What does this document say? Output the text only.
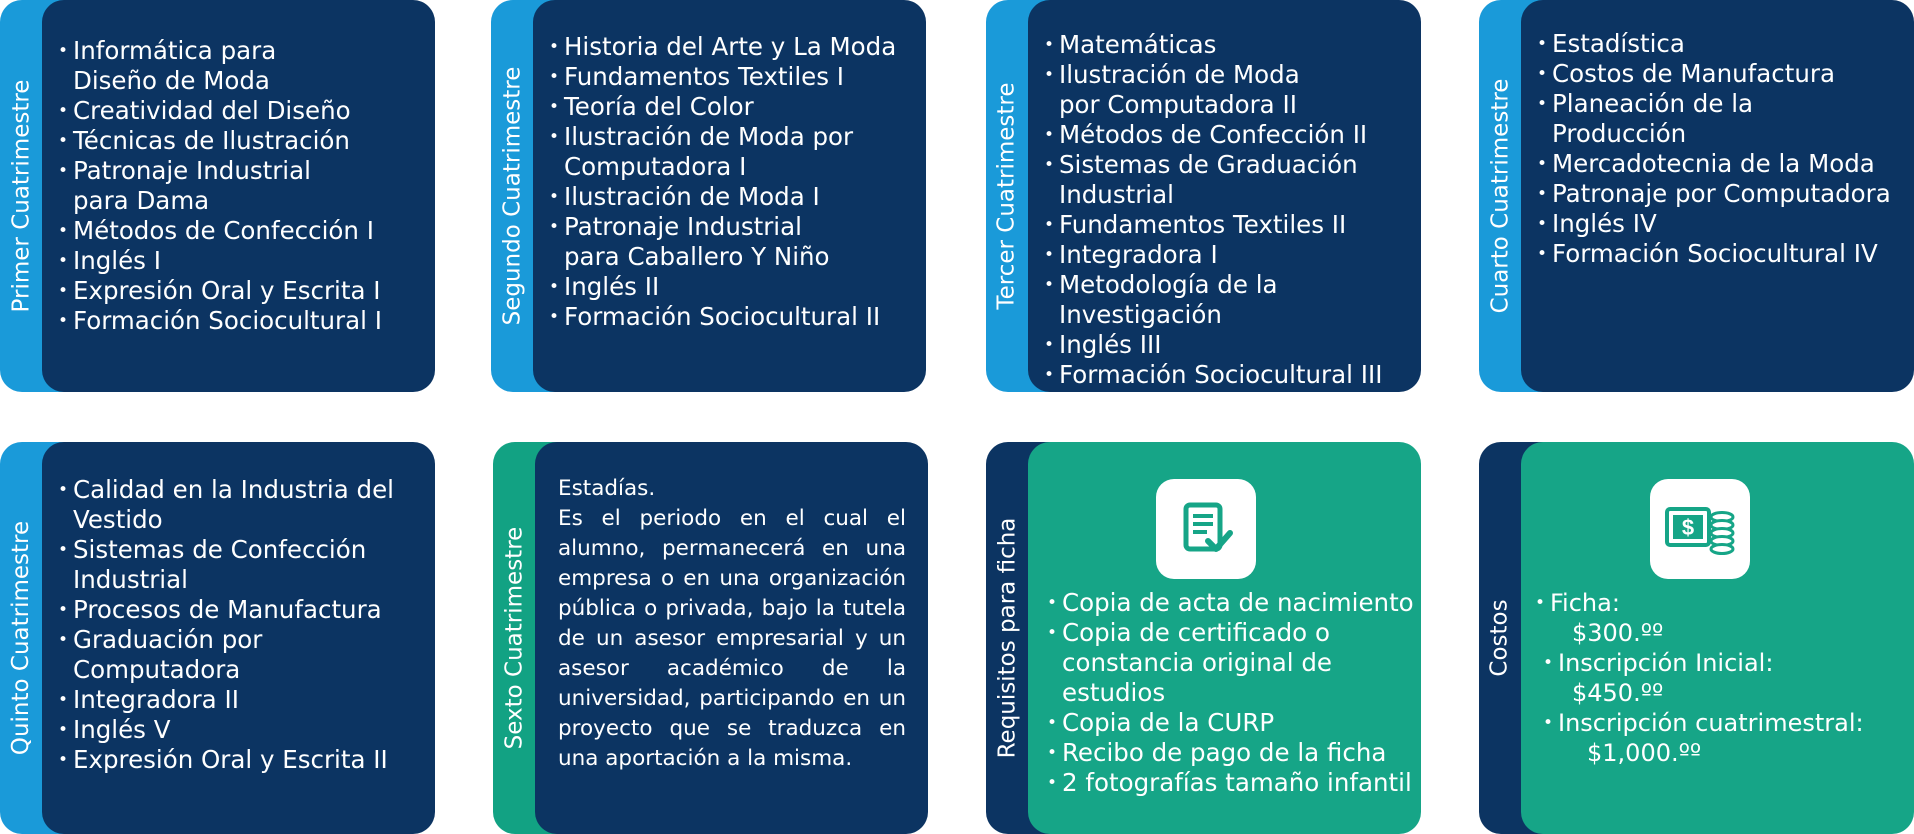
Primer Cuatrimestre
• Informática para Diseño de Moda
• Creatividad del Diseño
• Técnicas de Ilustración
• Patronaje Industrial para Dama
• Métodos de Confección I
• Inglés I
• Expresión Oral y Escrita I
• Formación Sociocultural I	Segundo Cuatrimestre
• Historia del Arte y La Moda
• Fundamentos Textiles I
• Teoría del Color
• Ilustración de Moda por Computadora I
• Ilustración de Moda I
• Patronaje Industrial para Caballero Y Niño
• Inglés II
• Formación Sociocultural II
Tercer Cuatrimestre
• Matemáticas
• Ilustración de Moda por Computadora II
• Métodos de Confección II
• Sistemas de Graduación Industrial
• Fundamentos Textiles II
• Integradora I
• Metodología de la Investigación
• Inglés III
• Formación Sociocultural III
Cuarto Cuatrimestre
• Estadística
• Costos de Manufactura
• Planeación de la Producción
• Mercadotecnia de la Moda
• Patronaje por Computadora
• Inglés IV
• Formación Sociocultural IV
Quinto Cuatrimestre
• Calidad en la Industria del Vestido
• Sistemas de Confección Industrial
• Procesos de Manufactura
• Graduación por Computadora
• Integradora II
• Inglés V
• Expresión Oral y Escrita II
Sexto Cuatrimestre

Estadías.

Es el periodo en el cual el alumno, permanecerá en una empresa o en una organización pública o privada, bajo la tutela de un asesor empresarial y un asesor académico de la universidad, participando en un proyecto que se traduzca en una aportación a la misma.

Requisitos para ficha
•	Copia de acta de nacimiento
• Copia de certificado o constancia original de estudios
• Copia de la CURP
• Recibo de pago de la ficha
• 2 fotografías tamaño infantil
Costos
$
• Ficha:
$300.ºº
• Inscripción Inicial:
$450.ºº
• Inscripción cuatrimestral:
$1,000.ºº
